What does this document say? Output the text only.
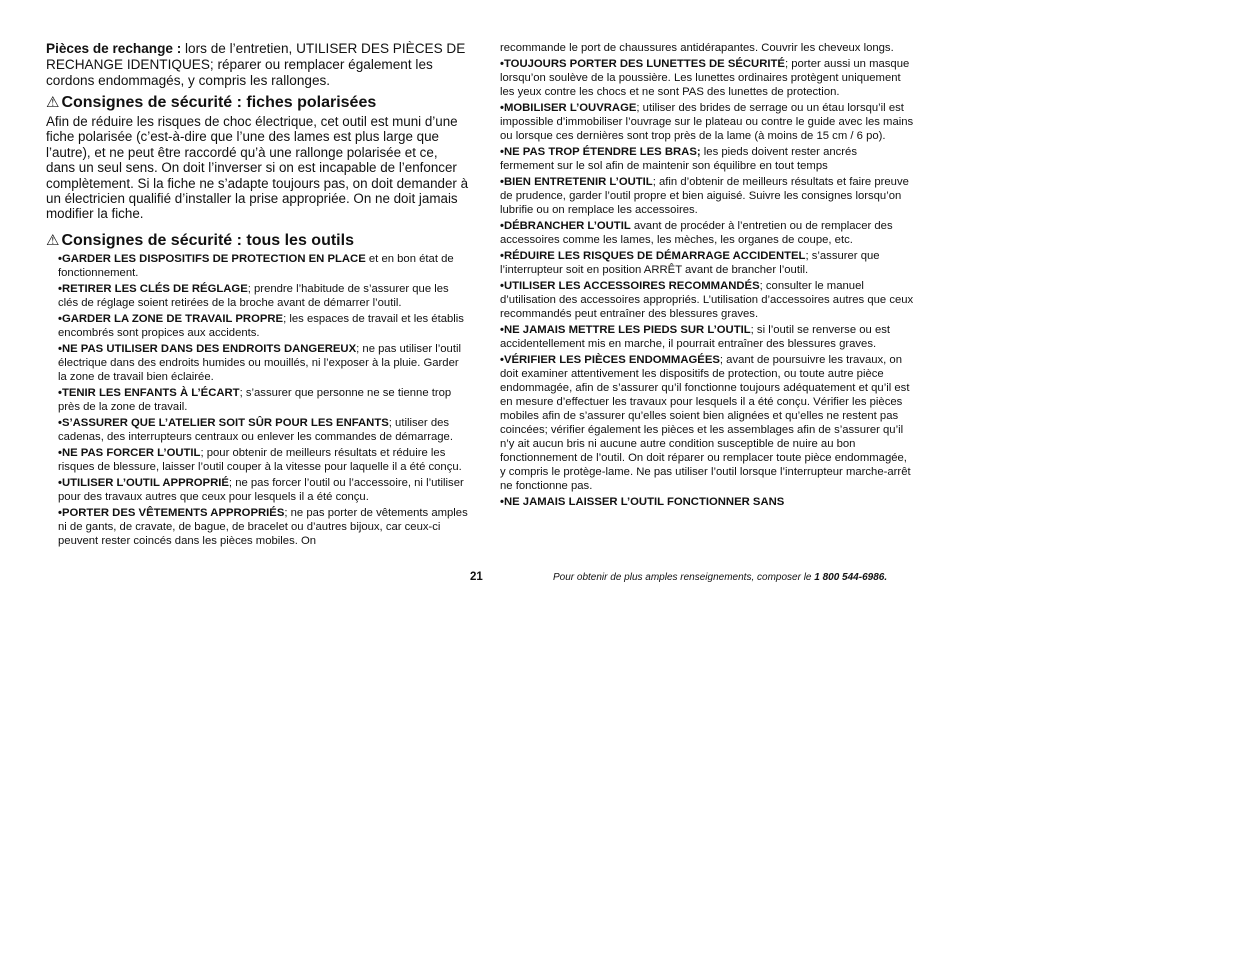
Pièces de rechange : lors de l’entretien, UTILISER DES PIÈCES DE RECHANGE IDENTIQUES; réparer ou remplacer également les cordons endommagés, y compris les rallonges.

⚠ Consignes de sécurité : fiches polarisées

Afin de réduire les risques de choc électrique, cet outil est muni d’une fiche polarisée (c’est-à-dire que l’une des lames est plus large que l’autre), et ne peut être raccordé qu’à une rallonge polarisée et ce, dans un seul sens. On doit l’inverser si on est incapable de l’enfoncer complètement. Si la fiche ne s’adapte toujours pas, on doit demander à un électricien qualifié d’installer la prise appropriée. On ne doit jamais modifier la fiche.

⚠ Consignes de sécurité : tous les outils

•GARDER LES DISPOSITIFS DE PROTECTION EN PLACE et en bon état de fonctionnement.

•RETIRER LES CLÉS DE RÉGLAGE; prendre l’habitude de s’assurer que les clés de réglage soient retirées de la broche avant de démarrer l’outil.

•GARDER LA ZONE DE TRAVAIL PROPRE; les espaces de travail et les établis encombrés sont propices aux accidents.

•NE PAS UTILISER DANS DES ENDROITS DANGEREUX; ne pas utiliser l’outil électrique dans des endroits humides ou mouillés, ni l’exposer à la pluie. Garder la zone de travail bien éclairée.

•TENIR LES ENFANTS À L’ÉCART; s’assurer que personne ne se tienne trop près de la zone de travail.

•S’ASSURER QUE L’ATELIER SOIT SÛR POUR LES ENFANTS; utiliser des cadenas, des interrupteurs centraux ou enlever les commandes de démarrage.

•NE PAS FORCER L’OUTIL; pour obtenir de meilleurs résultats et réduire les risques de blessure, laisser l’outil couper à la vitesse pour laquelle il a été conçu.

•UTILISER L’OUTIL APPROPRIÉ; ne pas forcer l’outil ou l’accessoire, ni l’utiliser pour des travaux autres que ceux pour lesquels il a été conçu.

•PORTER DES VÊTEMENTS APPROPRIÉS; ne pas porter de vêtements amples ni de gants, de cravate, de bague, de bracelet ou d’autres bijoux, car ceux-ci peuvent rester coincés dans les pièces mobiles. On

recommande le port de chaussures antidérapantes. Couvrir les cheveux longs.

•TOUJOURS PORTER DES LUNETTES DE SÉCURITÉ; porter aussi un masque lorsqu’on soulève de la poussière. Les lunettes ordinaires protègent uniquement les yeux contre les chocs et ne sont PAS des lunettes de protection.

•MOBILISER L’OUVRAGE; utiliser des brides de serrage ou un étau lorsqu’il est impossible d’immobiliser l’ouvrage sur le plateau ou contre le guide avec les mains ou lorsque ces dernières sont trop près de la lame (à moins de 15 cm / 6 po).

•NE PAS TROP ÉTENDRE LES BRAS; les pieds doivent rester ancrés fermement sur le sol afin de maintenir son équilibre en tout temps

•BIEN ENTRETENIR L’OUTIL; afin d’obtenir de meilleurs résultats et faire preuve de prudence, garder l’outil propre et bien aiguisé. Suivre les consignes lorsqu’on lubrifie ou on remplace les accessoires.

•DÉBRANCHER L’OUTIL avant de procéder à l’entretien ou de remplacer des accessoires comme les lames, les mèches, les organes de coupe, etc.

•RÉDUIRE LES RISQUES DE DÉMARRAGE ACCIDENTEL; s’assurer que l’interrupteur soit en position ARRÊT avant de brancher l’outil.

•UTILISER LES ACCESSOIRES RECOMMANDÉS; consulter le manuel d’utilisation des accessoires appropriés. L’utilisation d’accessoires autres que ceux recommandés peut entraîner des blessures graves.

•NE JAMAIS METTRE LES PIEDS SUR L’OUTIL; si l’outil se renverse ou est accidentellement mis en marche, il pourrait entraîner des blessures graves.

•VÉRIFIER LES PIÈCES ENDOMMAGÉES; avant de poursuivre les travaux, on doit examiner attentivement les dispositifs de protection, ou toute autre pièce endommagée, afin de s’assurer qu’il fonctionne toujours adéquatement et qu’il est en mesure d’effectuer les travaux pour lesquels il a été conçu. Vérifier les pièces mobiles afin de s’assurer qu’elles soient bien alignées et qu’elles ne restent pas coincées; vérifier également les pièces et les assemblages afin de s’assurer qu’il n’y ait aucun bris ni aucune autre condition susceptible de nuire au bon fonctionnement de l’outil. On doit réparer ou remplacer toute pièce endommagée, y compris le protège-lame. Ne pas utiliser l’outil lorsque l’interrupteur marche-arrêt ne fonctionne pas.

•NE JAMAIS LAISSER L’OUTIL FONCTIONNER SANS

21	Pour obtenir de plus amples renseignements, composer le 1 800 544-6986.
